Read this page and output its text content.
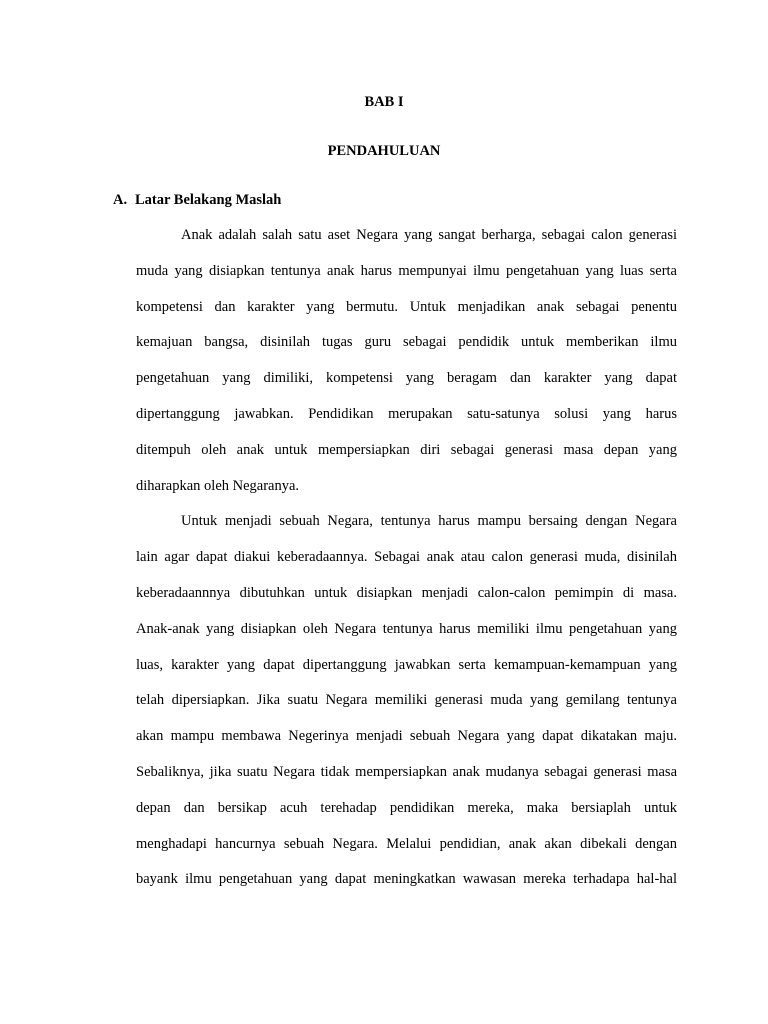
BAB I
PENDAHULUAN
A. Latar Belakang Maslah
Anak adalah salah satu aset Negara yang sangat berharga, sebagai calon generasi
muda yang disiapkan tentunya anak harus mempunyai ilmu pengetahuan yang luas serta
kompetensi dan karakter yang bermutu. Untuk menjadikan anak sebagai penentu
kemajuan bangsa, disinilah tugas guru sebagai pendidik untuk memberikan ilmu
pengetahuan yang dimiliki, kompetensi yang beragam dan karakter yang dapat
dipertanggung jawabkan. Pendidikan merupakan satu-satunya solusi yang harus
ditempuh oleh anak untuk mempersiapkan diri sebagai generasi masa depan yang
diharapkan oleh Negaranya.
Untuk menjadi sebuah Negara, tentunya harus mampu bersaing dengan Negara
lain agar dapat diakui keberadaannya. Sebagai anak atau calon generasi muda, disinilah
keberadaannnya dibutuhkan untuk disiapkan menjadi calon-calon pemimpin di masa.
Anak-anak yang disiapkan oleh Negara tentunya harus memiliki ilmu pengetahuan yang
luas, karakter yang dapat dipertanggung jawabkan serta kemampuan-kemampuan yang
telah dipersiapkan. Jika suatu Negara memiliki generasi muda yang gemilang tentunya
akan mampu membawa Negerinya menjadi sebuah Negara yang dapat dikatakan maju.
Sebaliknya, jika suatu Negara tidak mempersiapkan anak mudanya sebagai generasi masa
depan dan bersikap acuh terehadap pendidikan mereka, maka bersiaplah untuk
menghadapi hancurnya sebuah Negara. Melalui pendidian, anak akan dibekali dengan
bayank ilmu pengetahuan yang dapat meningkatkan wawasan mereka terhadapa hal-hal
